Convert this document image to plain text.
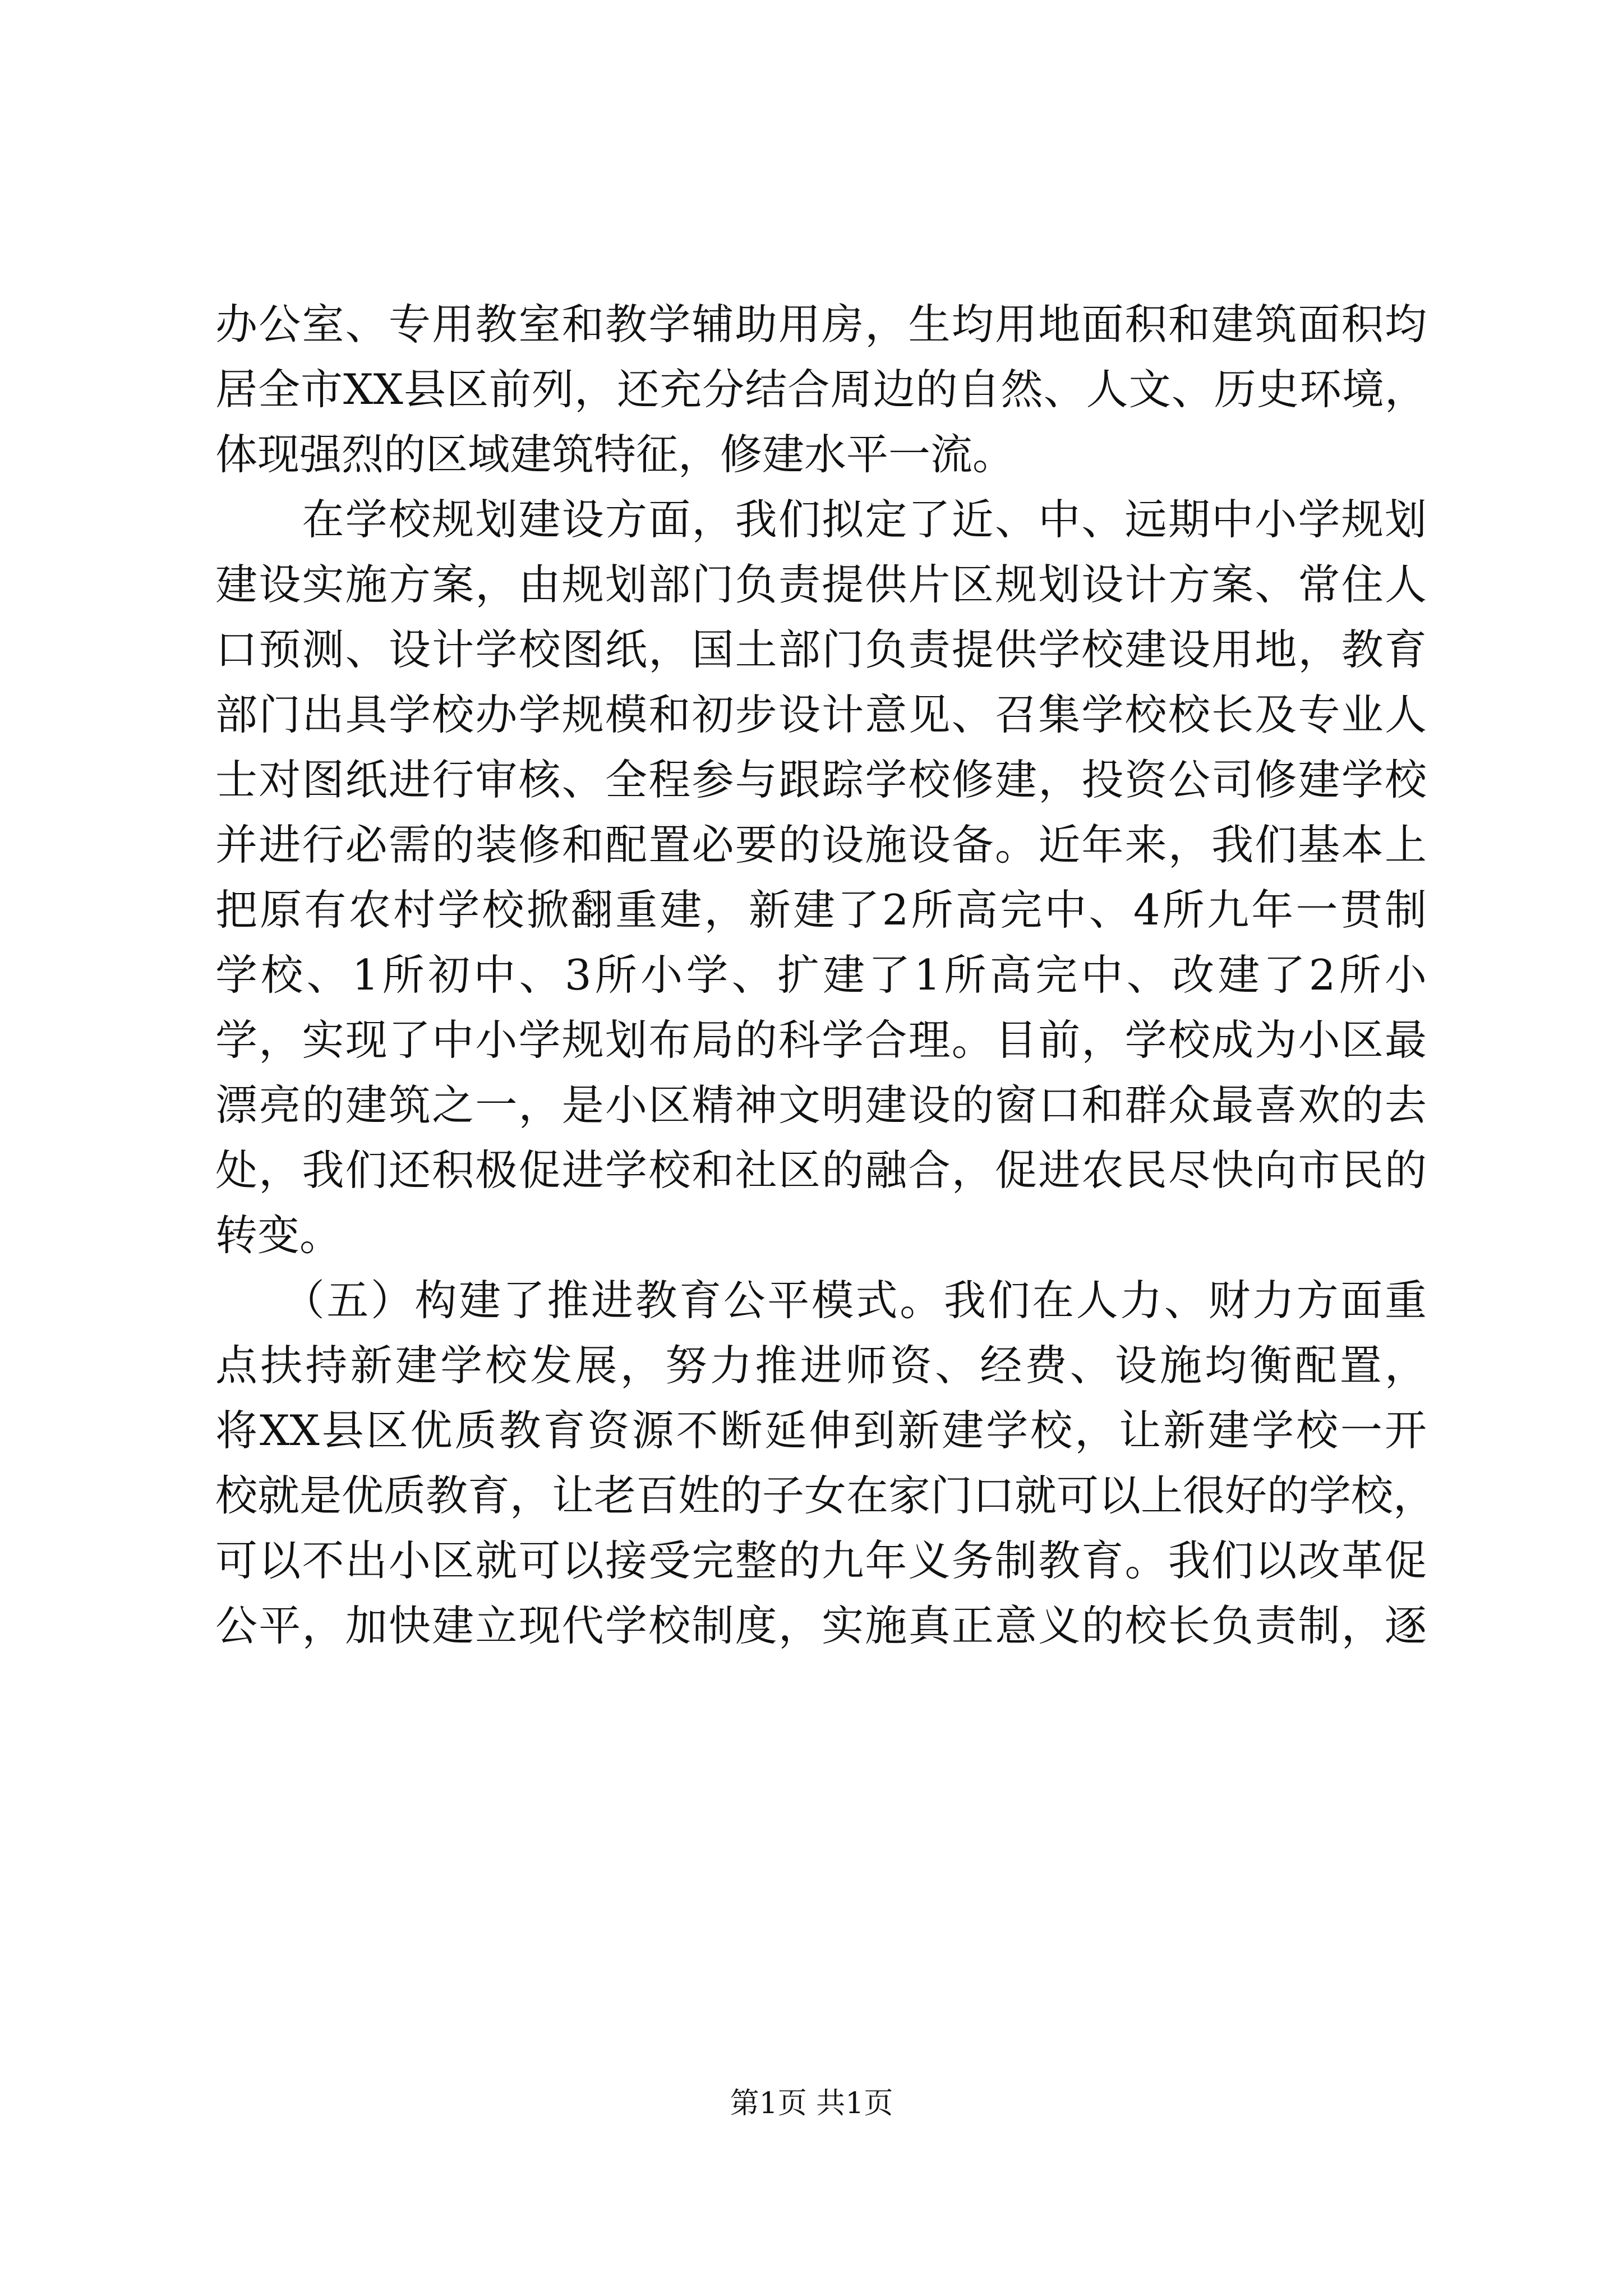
办公室、专用教室和教学辅助用房，生均用地面积和建筑面积均
居全市XX县区前列，还充分结合周边的自然、人文、历史环境，
体现强烈的区域建筑特征，修建水平一流。
　　在学校规划建设方面，我们拟定了近、中、远期中小学规划
建设实施方案，由规划部门负责提供片区规划设计方案、常住人
口预测、设计学校图纸，国土部门负责提供学校建设用地，教育
部门出具学校办学规模和初步设计意见、召集学校校长及专业人
士对图纸进行审核、全程参与跟踪学校修建，投资公司修建学校
并进行必需的装修和配置必要的设施设备。近年来，我们基本上
把原有农村学校掀翻重建，新建了2所高完中、4所九年一贯制
学校、1所初中、3所小学、扩建了1所高完中、改建了2所小
学，实现了中小学规划布局的科学合理。目前，学校成为小区最
漂亮的建筑之一，是小区精神文明建设的窗口和群众最喜欢的去
处，我们还积极促进学校和社区的融合，促进农民尽快向市民的
转变。
　　（五）构建了推进教育公平模式。我们在人力、财力方面重
点扶持新建学校发展，努力推进师资、经费、设施均衡配置，
将XX县区优质教育资源不断延伸到新建学校，让新建学校一开
校就是优质教育，让老百姓的子女在家门口就可以上很好的学校，
可以不出小区就可以接受完整的九年义务制教育。我们以改革促
公平，加快建立现代学校制度，实施真正意义的校长负责制，逐
第1页 共1页
